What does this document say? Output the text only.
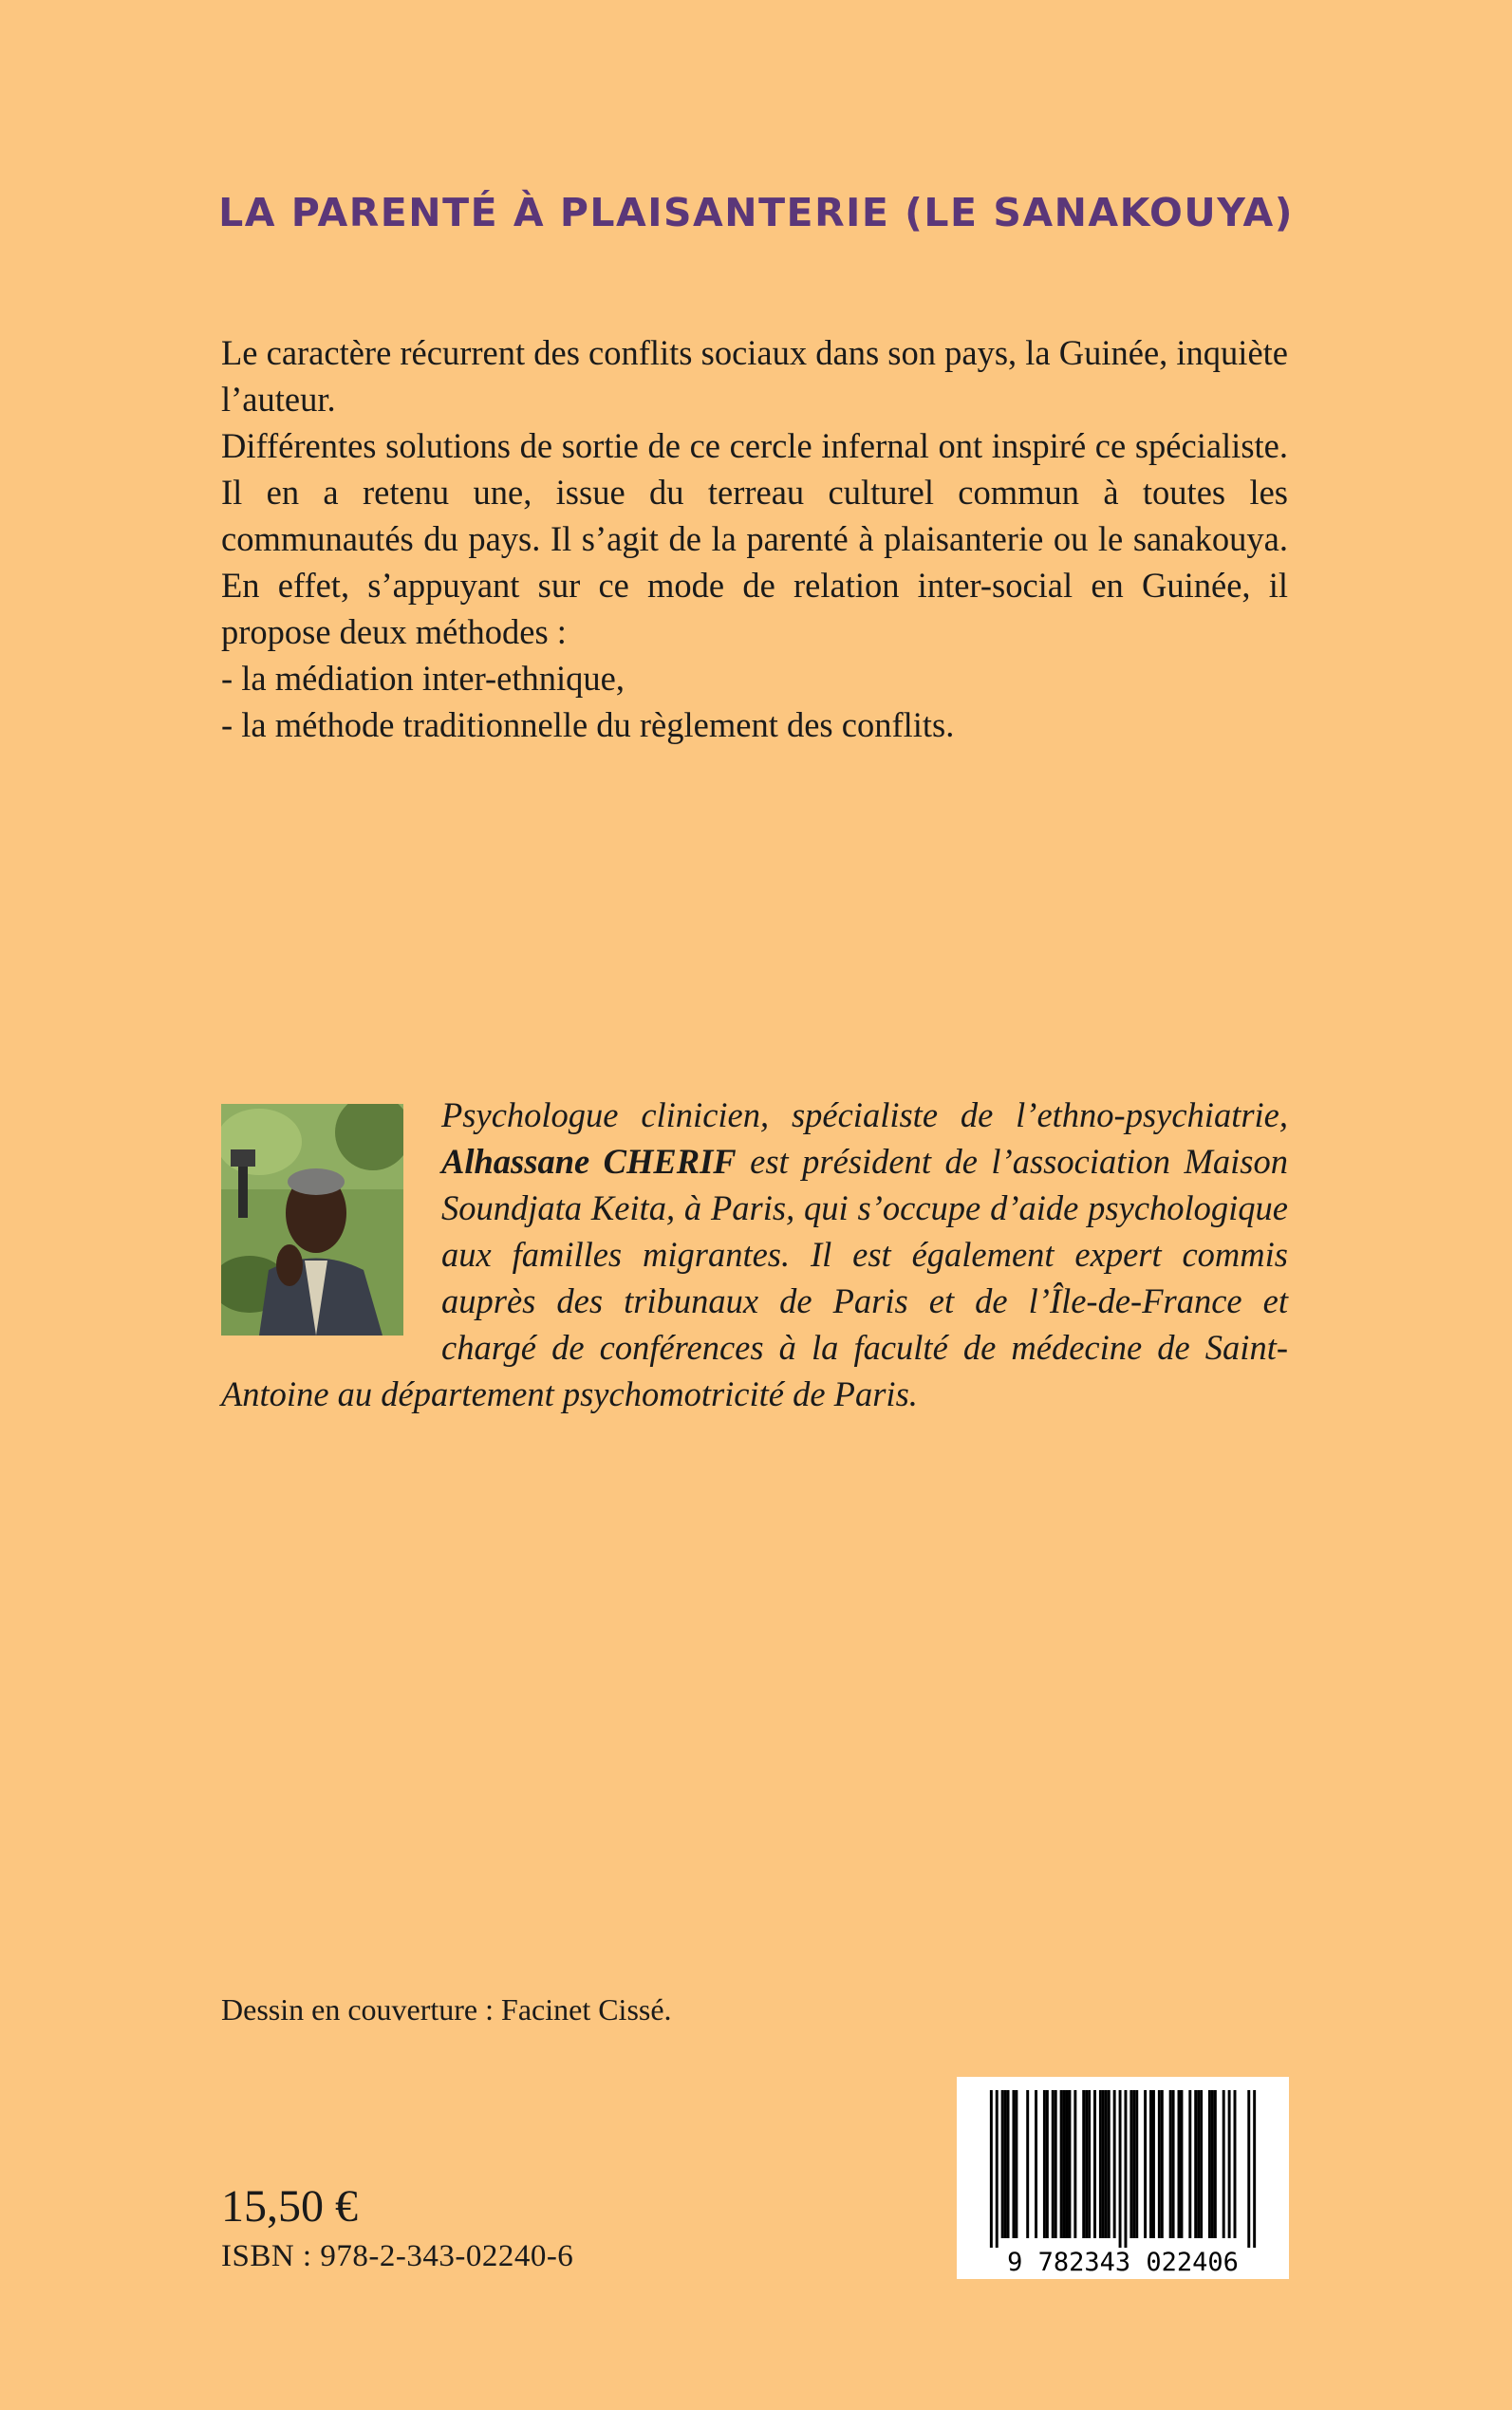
LA PARENTÉ À PLAISANTERIE (LE SANAKOUYA)

Le caractère récurrent des conflits sociaux dans son pays, la Guinée, inquiète l’auteur.

Différentes solutions de sortie de ce cercle infernal ont inspiré ce spécialiste. Il en a retenu une, issue du terreau culturel commun à toutes les communautés du pays. Il s’agit de la parenté à plaisanterie ou le sanakouya. En effet, s’appuyant sur ce mode de relation inter-social en Guinée, il propose deux méthodes :

- la médiation inter-ethnique,

- la méthode traditionnelle du règlement des conflits.

Psychologue clinicien, spécialiste de l’ethno-psychiatrie, Alhassane CHERIF est président de l’association Maison Soundjata Keita, à Paris, qui s’occupe d’aide psychologique aux familles migrantes. Il est également expert commis auprès des tribunaux de Paris et de l’Île-de-France et chargé de conférences à la faculté de médecine de Saint-Antoine au département psychomotricité de Paris.
Dessin en couverture : Facinet Cissé.
15,50 €
ISBN : 978-2-343-02240-6	9 782343 022406
